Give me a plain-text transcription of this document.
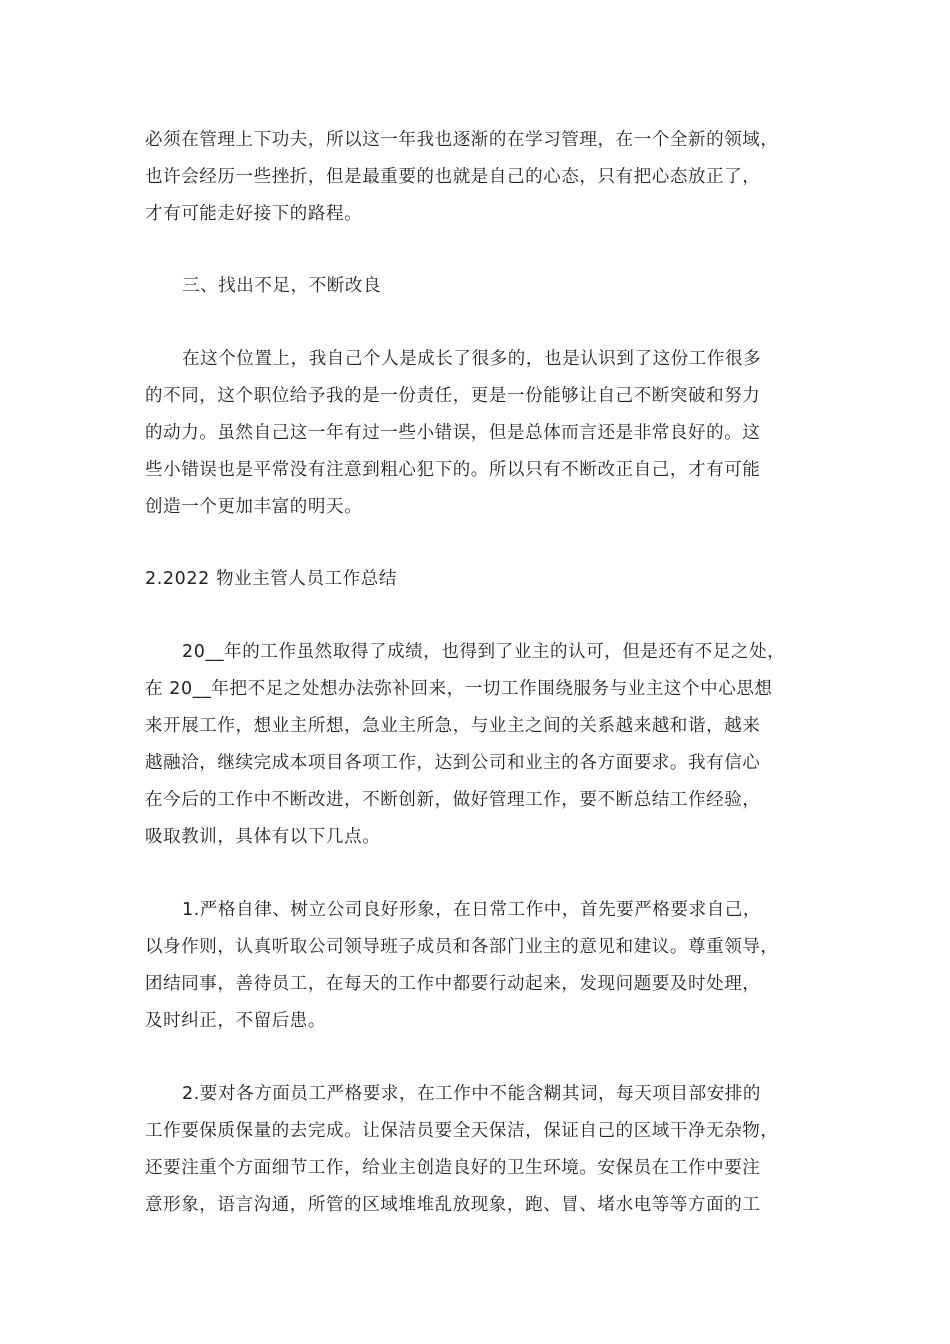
必须在管理上下功夫，所以这一年我也逐渐的在学习管理，在一个全新的领域，
也许会经历一些挫折，但是最重要的也就是自己的心态，只有把心态放正了，
才有可能走好接下的路程。
三、找出不足，不断改良
在这个位置上，我自己个人是成长了很多的，也是认识到了这份工作很多
的不同，这个职位给予我的是一份责任，更是一份能够让自己不断突破和努力
的动力。虽然自己这一年有过一些小错误，但是总体而言还是非常良好的。这
些小错误也是平常没有注意到粗心犯下的。所以只有不断改正自己，才有可能
创造一个更加丰富的明天。
2.2022 物业主管人员工作总结
20__年的工作虽然取得了成绩，也得到了业主的认可，但是还有不足之处，
在 20__年把不足之处想办法弥补回来，一切工作围绕服务与业主这个中心思想
来开展工作，想业主所想，急业主所急，与业主之间的关系越来越和谐，越来
越融洽，继续完成本项目各项工作，达到公司和业主的各方面要求。我有信心
在今后的工作中不断改进，不断创新，做好管理工作，要不断总结工作经验，
吸取教训，具体有以下几点。
1.严格自律、树立公司良好形象，在日常工作中，首先要严格要求自己，
以身作则，认真听取公司领导班子成员和各部门业主的意见和建议。尊重领导，
团结同事，善待员工，在每天的工作中都要行动起来，发现问题要及时处理，
及时纠正，不留后患。
2.要对各方面员工严格要求，在工作中不能含糊其词，每天项目部安排的
工作要保质保量的去完成。让保洁员要全天保洁，保证自己的区域干净无杂物，
还要注重个方面细节工作，给业主创造良好的卫生环境。安保员在工作中要注
意形象，语言沟通，所管的区域堆堆乱放现象，跑、冒、堵水电等等方面的工
